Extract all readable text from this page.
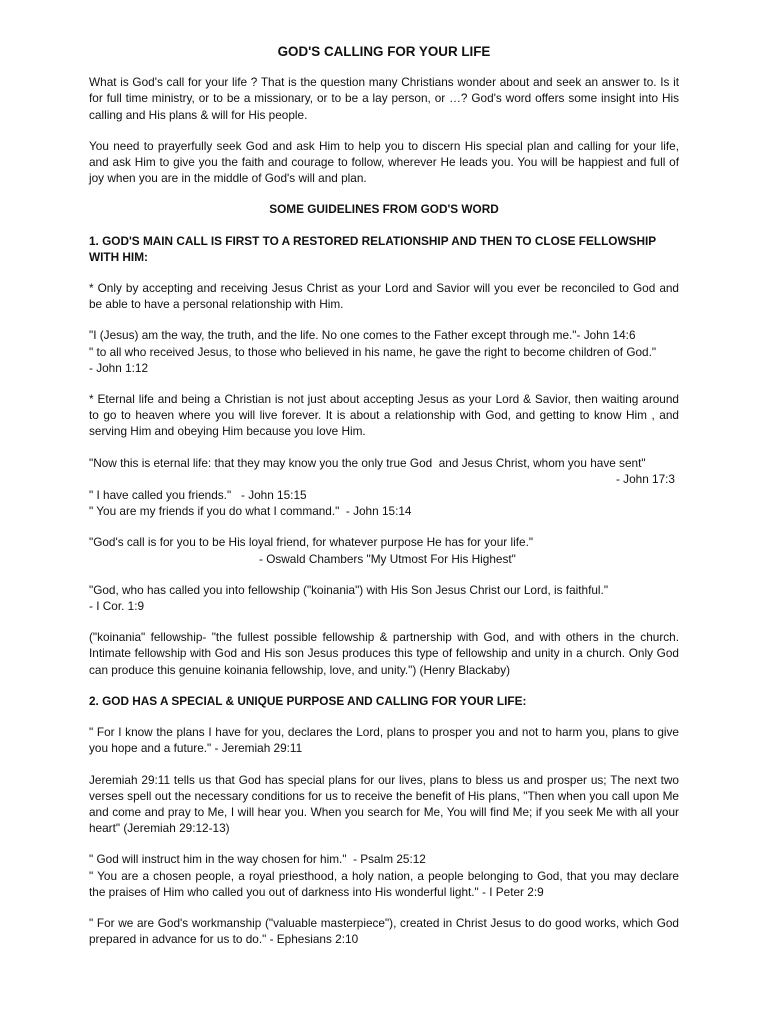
GOD'S CALLING FOR YOUR LIFE

What is God's call for your life ? That is the question many Christians wonder about and seek an answer to. Is it for full time ministry, or to be a missionary, or to be a lay person, or …? God's word offers some insight into His calling and His plans & will for His people.

You need to prayerfully seek God and ask Him to help you to discern His special plan and calling for your life, and ask Him to give you the faith and courage to follow, wherever He leads you. You will be happiest and full of joy when you are in the middle of God's will and plan.

SOME GUIDELINES FROM GOD'S WORD
1. GOD'S MAIN CALL IS FIRST TO A RESTORED RELATIONSHIP AND THEN TO CLOSE FELLOWSHIP WITH HIM:

* Only by accepting and receiving Jesus Christ as your Lord and Savior will you ever be reconciled to God and be able to have a personal relationship with Him.

"I (Jesus) am the way, the truth, and the life. No one comes to the Father except through me."- John 14:6
" to all who received Jesus, to those who believed in his name, he gave the right to become children of God."
- John 1:12

* Eternal life and being a Christian is not just about accepting Jesus as your Lord & Savior, then waiting around to go to heaven where you will live forever. It is about a relationship with God, and getting to know Him , and serving Him and obeying Him because you love Him.

"Now this is eternal life: that they may know you the only true God  and Jesus Christ, whom you have sent"
- John 17:3
" I have called you friends."   - John 15:15
" You are my friends if you do what I command."  - John 15:14
"God's call is for you to be His loyal friend, for whatever purpose He has for your life."
- Oswald Chambers "My Utmost For His Highest"
"God, who has called you into fellowship ("koinania") with His Son Jesus Christ our Lord, is faithful."
- I Cor. 1:9

("koinania" fellowship- "the fullest possible fellowship & partnership with God, and with others in the church. Intimate fellowship with God and His son Jesus produces this type of fellowship and unity in a church. Only God can produce this genuine koinania fellowship, love, and unity.") (Henry Blackaby)

2. GOD HAS A SPECIAL & UNIQUE PURPOSE AND CALLING FOR YOUR LIFE:

" For I know the plans I have for you, declares the Lord, plans to prosper you and not to harm you, plans to give you hope and a future." - Jeremiah 29:11

Jeremiah 29:11 tells us that God has special plans for our lives, plans to bless us and prosper us; The next two verses spell out the necessary conditions for us to receive the benefit of His plans, "Then when you call upon Me and come and pray to Me, I will hear you. When you search for Me, You will find Me; if you seek Me with all your heart" (Jeremiah 29:12-13)

" God will instruct him in the way chosen for him."  - Psalm 25:12

" You are a chosen people, a royal priesthood, a holy nation, a people belonging to God, that you may declare the praises of Him who called you out of darkness into His wonderful light." - I Peter 2:9

" For we are God's workmanship ("valuable masterpiece"), created in Christ Jesus to do good works, which God prepared in advance for us to do." - Ephesians 2:10
